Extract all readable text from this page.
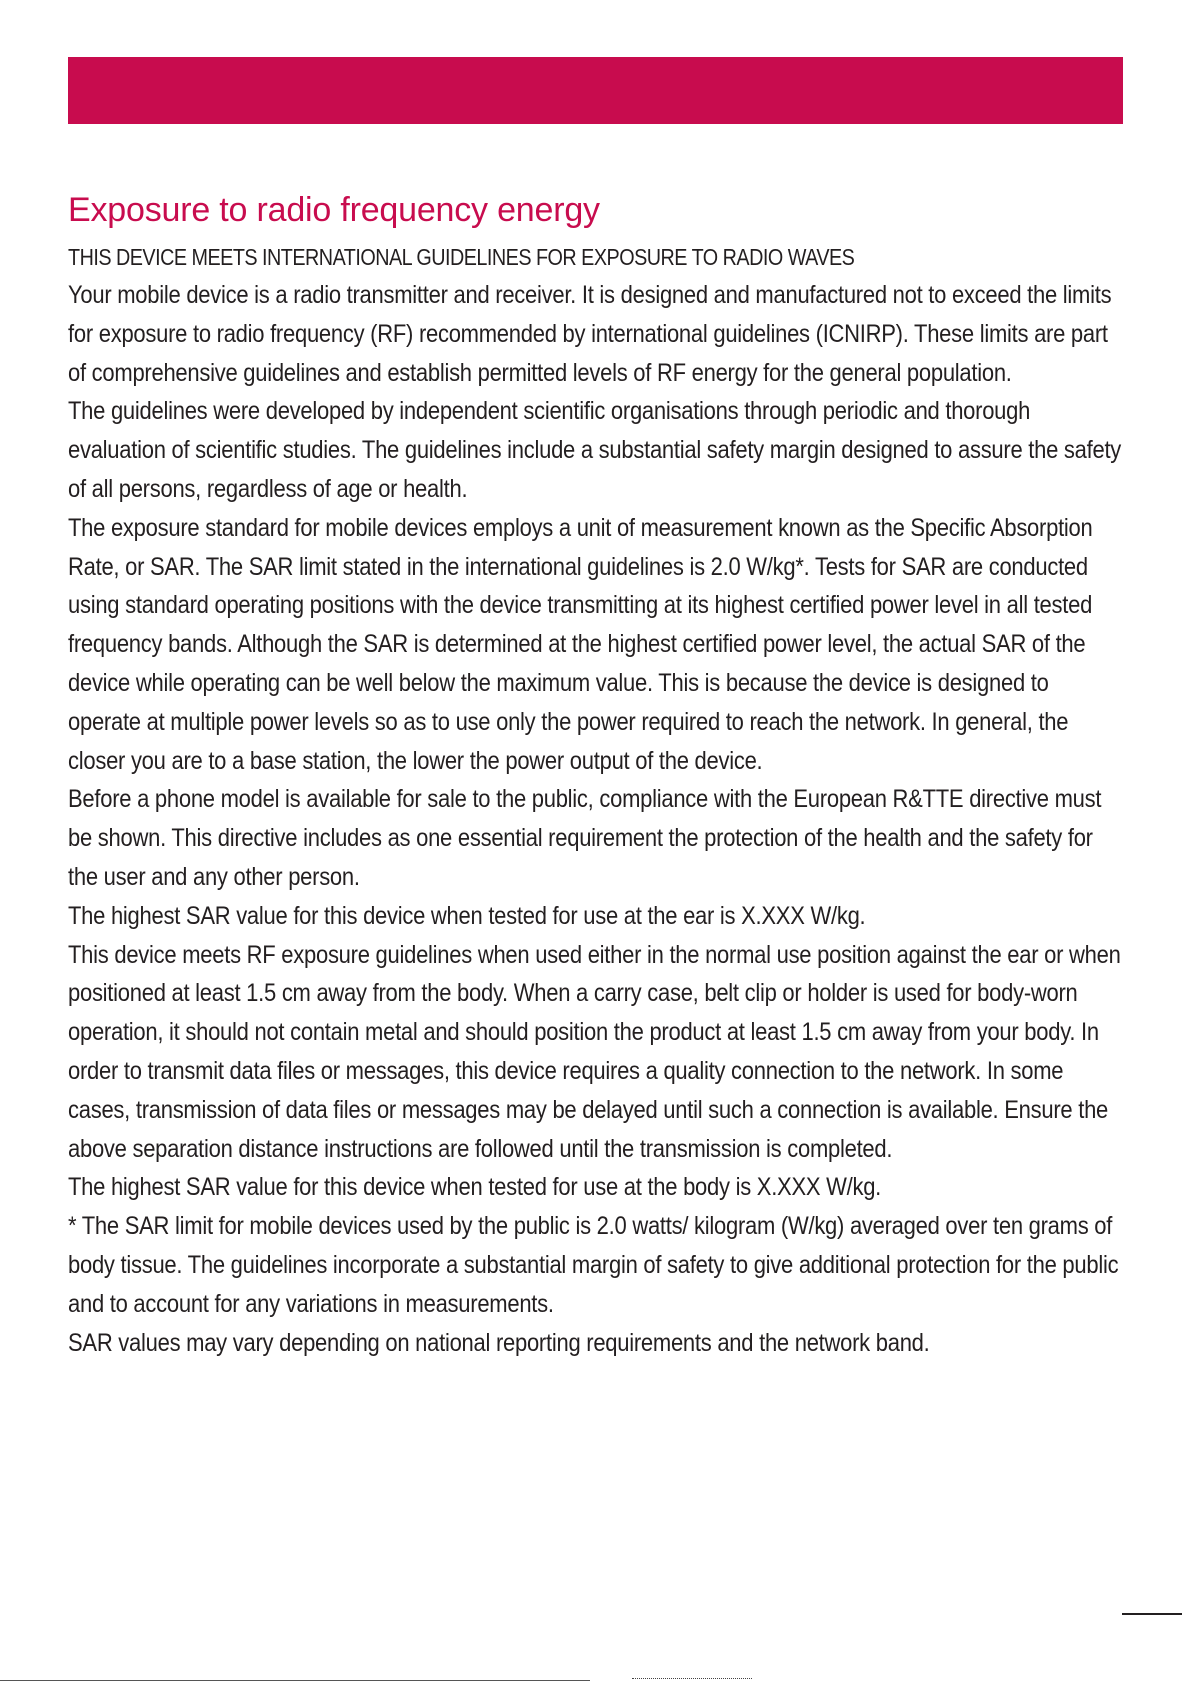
Exposure to radio frequency energy

THIS DEVICE MEETS INTERNATIONAL GUIDELINES FOR EXPOSURE TO RADIO WAVES

Your mobile device is a radio transmitter and receiver. It is designed and manufactured not to exceed the limits for exposure to radio frequency (RF) recommended by international guidelines (ICNIRP). These limits are part of comprehensive guidelines and establish permitted levels of RF energy for the general population.

The guidelines were developed by independent scientific organisations through periodic and thorough evaluation of scientific studies. The guidelines include a substantial safety margin designed to assure the safety of all persons, regardless of age or health.

The exposure standard for mobile devices employs a unit of measurement known as the Specific Absorption Rate, or SAR. The SAR limit stated in the international guidelines is 2.0 W/kg*. Tests for SAR are conducted using standard operating positions with the device transmitting at its highest certified power level in all tested frequency bands. Although the SAR is determined at the highest certified power level, the actual SAR of the device while operating can be well below the maximum value. This is because the device is designed to operate at multiple power levels so as to use only the power required to reach the network. In general, the closer you are to a base station, the lower the power output of the device.

Before a phone model is available for sale to the public, compliance with the European R&TTE directive must be shown. This directive includes as one essential requirement the protection of the health and the safety for the user and any other person.

The highest SAR value for this device when tested for use at the ear is X.XXX W/kg.

This device meets RF exposure guidelines when used either in the normal use position against the ear or when positioned at least 1.5 cm away from the body. When a carry case, belt clip or holder is used for body-worn operation, it should not contain metal and should position the product at least 1.5 cm away from your body. In order to transmit data files or messages, this device requires a quality connection to the network. In some cases, transmission of data files or messages may be delayed until such a connection is available. Ensure the above separation distance instructions are followed until the transmission is completed.

The highest SAR value for this device when tested for use at the body is X.XXX W/kg.

* The SAR limit for mobile devices used by the public is 2.0 watts/ kilogram (W/kg) averaged over ten grams of body tissue. The guidelines incorporate a substantial margin of safety to give additional protection for the public and to account for any variations in measurements.

SAR values may vary depending on national reporting requirements and the network band.
